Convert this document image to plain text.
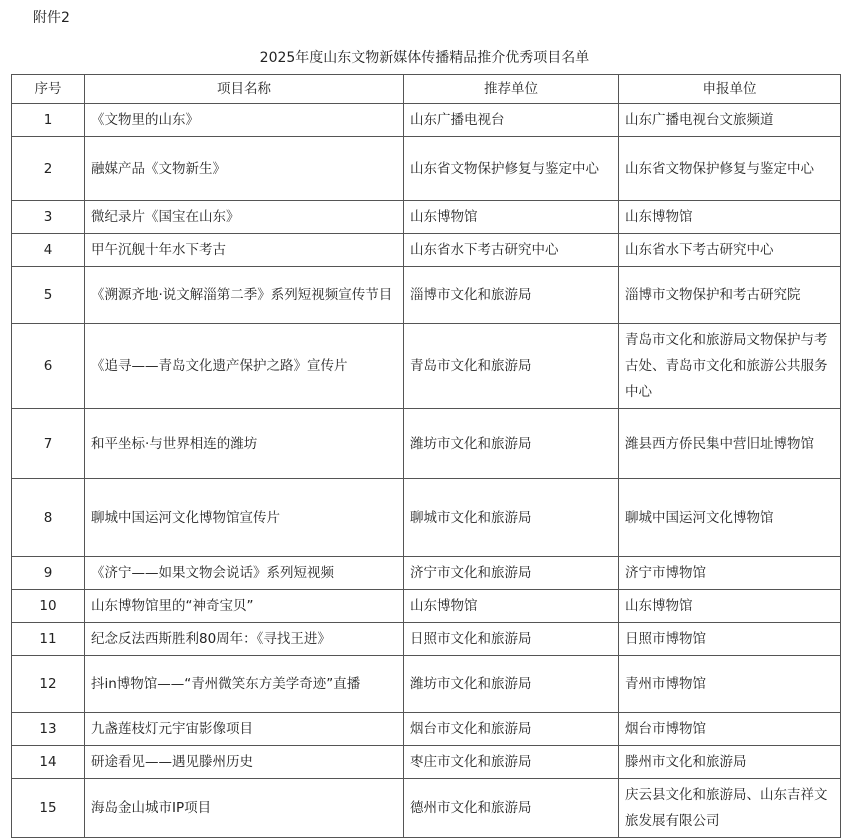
附件2
2025年度山东文物新媒体传播精品推介优秀项目名单
序号	项目名称	推荐单位	申报单位
1	《文物里的山东》	山东广播电视台	山东广播电视台文旅频道
2	融媒产品《文物新生》	山东省文物保护修复与鉴定中心	山东省文物保护修复与鉴定中心
3	微纪录片《国宝在山东》	山东博物馆	山东博物馆
4	甲午沉舰十年水下考古	山东省水下考古研究中心	山东省水下考古研究中心
5	《溯源齐地·说文解淄第二季》系列短视频宣传节目	淄博市文化和旅游局	淄博市文物保护和考古研究院
6	《追寻——青岛文化遗产保护之路》宣传片	青岛市文化和旅游局	青岛市文化和旅游局文物保护与考古处、青岛市文化和旅游公共服务中心
7	和平坐标·与世界相连的潍坊	潍坊市文化和旅游局	潍县西方侨民集中营旧址博物馆
8	聊城中国运河文化博物馆宣传片	聊城市文化和旅游局	聊城中国运河文化博物馆
9	《济宁——如果文物会说话》系列短视频	济宁市文化和旅游局	济宁市博物馆
10	山东博物馆里的“神奇宝贝”	山东博物馆	山东博物馆
11	纪念反法西斯胜利80周年：《寻找王进》	日照市文化和旅游局	日照市博物馆
12	抖in博物馆——“青州微笑东方美学奇迹”直播	潍坊市文化和旅游局	青州市博物馆
13	九盏莲枝灯元宇宙影像项目	烟台市文化和旅游局	烟台市博物馆
14	研途看见——遇见滕州历史	枣庄市文化和旅游局	滕州市文化和旅游局
15	海岛金山城市IP项目	德州市文化和旅游局	庆云县文化和旅游局、山东吉祥文旅发展有限公司
